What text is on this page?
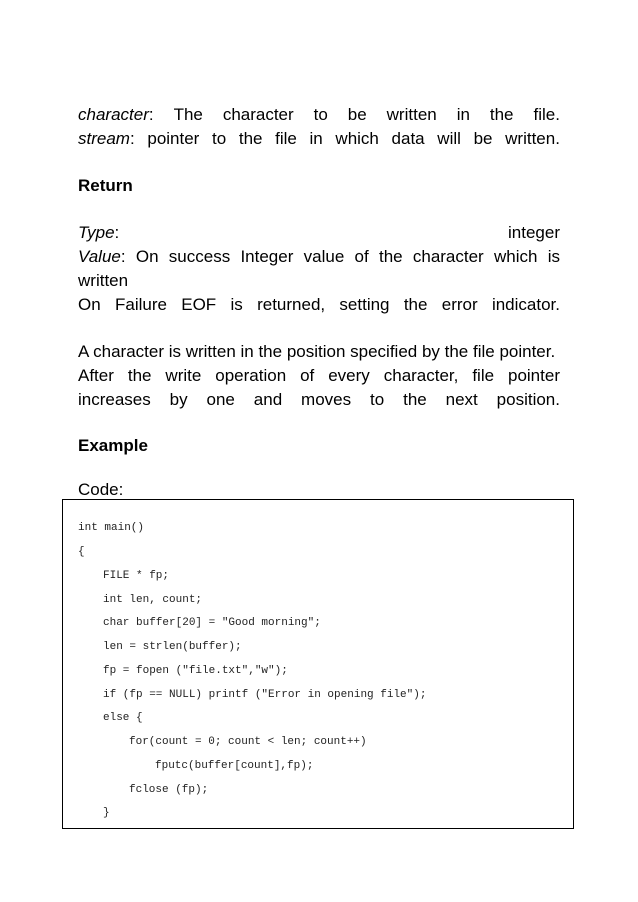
character: The character to be written in the file.
stream: pointer to the file in which data will be written.
Return
Type:	integer
Value: On success Integer value of the character which is
written
On Failure EOF is returned, setting the error indicator.
A character is written in the position specified by the file pointer.
After the write operation of every character, file pointer
increases by one and moves to the next position.
Example
Code:
int main()
{
FILE * fp;
int len, count;
char buffer[20] = "Good morning";
len = strlen(buffer);
fp = fopen ("file.txt","w");
if (fp == NULL) printf ("Error in opening file");
else {
for(count = 0; count < len; count++)
fputc(buffer[count],fp);
fclose (fp);
}
